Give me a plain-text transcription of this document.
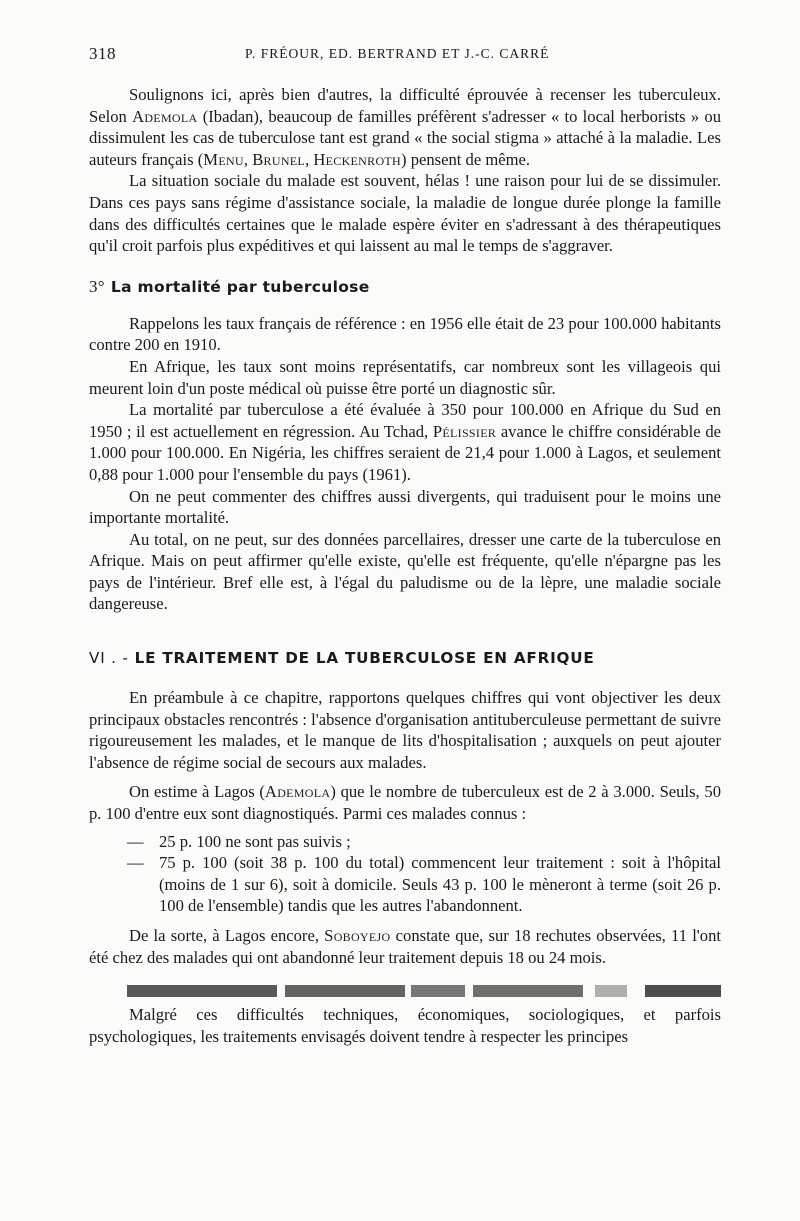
318	P. FRÉOUR, ED. BERTRAND ET J.-C. CARRÉ

Soulignons ici, après bien d'autres, la difficulté éprouvée à recenser les tuberculeux. Selon Ademola (Ibadan), beaucoup de familles préfèrent s'adresser « to local herborists » ou dissimulent les cas de tuberculose tant est grand « the social stigma » attaché à la maladie. Les auteurs français (Menu, Brunel, Heckenroth) pensent de même.

La situation sociale du malade est souvent, hélas ! une raison pour lui de se dissimuler. Dans ces pays sans régime d'assistance sociale, la maladie de longue durée plonge la famille dans des difficultés certaines que le malade espère éviter en s'adressant à des thérapeutiques qu'il croit parfois plus expéditives et qui laissent au mal le temps de s'aggraver.

3° La mortalité par tuberculose

Rappelons les taux français de référence : en 1956 elle était de 23 pour 100.000 habitants contre 200 en 1910.

En Afrique, les taux sont moins représentatifs, car nombreux sont les villageois qui meurent loin d'un poste médical où puisse être porté un diagnostic sûr.

La mortalité par tuberculose a été évaluée à 350 pour 100.000 en Afrique du Sud en 1950 ; il est actuellement en régression. Au Tchad, Pélissier avance le chiffre considérable de 1.000 pour 100.000. En Nigéria, les chiffres seraient de 21,4 pour 1.000 à Lagos, et seulement 0,88 pour 1.000 pour l'ensemble du pays (1961).

On ne peut commenter des chiffres aussi divergents, qui traduisent pour le moins une importante mortalité.

Au total, on ne peut, sur des données parcellaires, dresser une carte de la tuberculose en Afrique. Mais on peut affirmer qu'elle existe, qu'elle est fréquente, qu'elle n'épargne pas les pays de l'intérieur. Bref elle est, à l'égal du paludisme ou de la lèpre, une maladie sociale dangereuse.

VI . - LE TRAITEMENT DE LA TUBERCULOSE EN AFRIQUE

En préambule à ce chapitre, rapportons quelques chiffres qui vont objectiver les deux principaux obstacles rencontrés : l'absence d'organisation antituberculeuse permettant de suivre rigoureusement les malades, et le manque de lits d'hospitalisation ; auxquels on peut ajouter l'absence de régime social de secours aux malades.

On estime à Lagos (Ademola) que le nombre de tuberculeux est de 2 à 3.000. Seuls, 50 p. 100 d'entre eux sont diagnostiqués. Parmi ces malades connus :

— 25 p. 100 ne sont pas suivis ;
— 75 p. 100 (soit 38 p. 100 du total) commencent leur traitement : soit à l'hôpital (moins de 1 sur 6), soit à domicile. Seuls 43 p. 100 le mèneront à terme (soit 26 p. 100 de l'ensemble) tandis que les autres l'abandonnent.

De la sorte, à Lagos encore, Soboyejo constate que, sur 18 rechutes observées, 11 l'ont été chez des malades qui ont abandonné leur traitement depuis 18 ou 24 mois.

Malgré ces difficultés techniques, économiques, sociologiques, et parfois psychologiques, les traitements envisagés doivent tendre à respecter les principes
